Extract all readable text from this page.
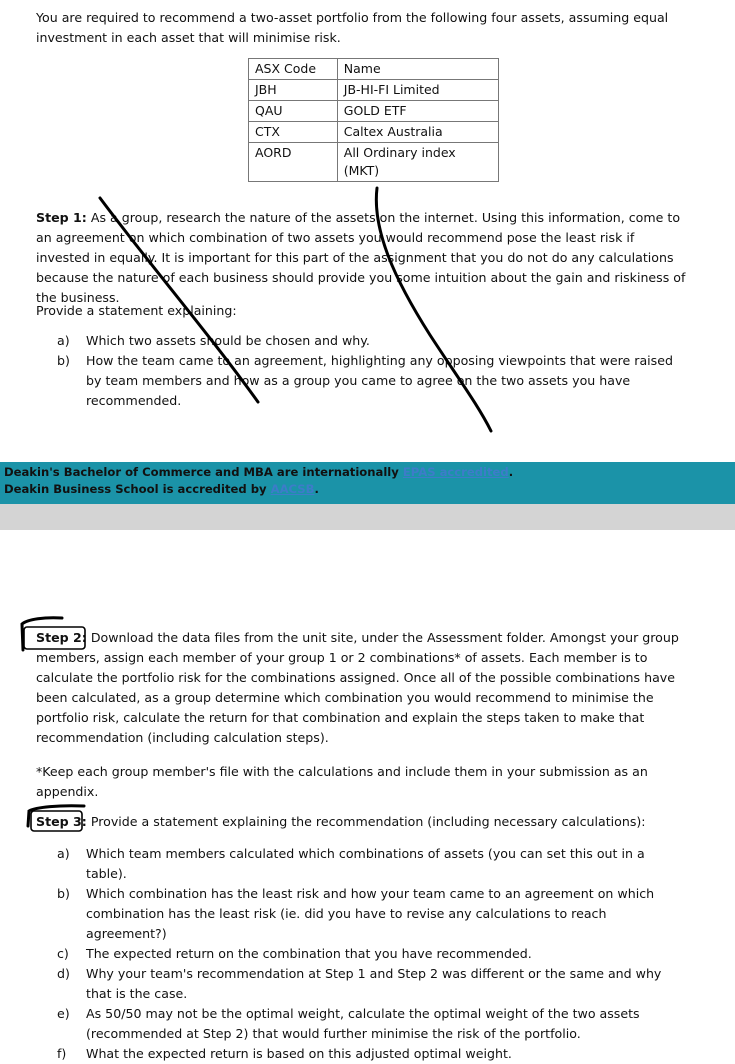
You are required to recommend a two-asset portfolio from the following four assets, assuming equal investment in each asset that will minimise risk.
ASX Code	Name
JBH	JB-HI-FI Limited
QAU	GOLD ETF
CTX	Caltex Australia
AORD	All Ordinary index (MKT)
Step 1: As a group, research the nature of the assets on the internet. Using this information, come to an agreement on which combination of two assets you would recommend pose the least risk if invested in equally. It is important for this part of the assignment that you do not do any calculations because the nature of each business should provide you some intuition about the gain and riskiness of the business.
Provide a statement explaining:
a) Which two assets should be chosen and why.
b) How the team came to an agreement, highlighting any opposing viewpoints that were raised by team members and how as a group you came to agree on the two assets you have recommended.
Deakin's Bachelor of Commerce and MBA are internationally EPAS accredited.
Deakin Business School is accredited by AACSB.
Step 2: Download the data files from the unit site, under the Assessment folder. Amongst your group members, assign each member of your group 1 or 2 combinations* of assets. Each member is to calculate the portfolio risk for the combinations assigned. Once all of the possible combinations have been calculated, as a group determine which combination you would recommend to minimise the portfolio risk, calculate the return for that combination and explain the steps taken to make that recommendation (including calculation steps).
*Keep each group member's file with the calculations and include them in your submission as an appendix.
Step 3: Provide a statement explaining the recommendation (including necessary calculations):
a) Which team members calculated which combinations of assets (you can set this out in a table).
b) Which combination has the least risk and how your team came to an agreement on which combination has the least risk (ie. did you have to revise any calculations to reach agreement?)
c) The expected return on the combination that you have recommended.
d) Why your team's recommendation at Step 1 and Step 2 was different or the same and why that is the case.
e) As 50/50 may not be the optimal weight, calculate the optimal weight of the two assets (recommended at Step 2) that would further minimise the risk of the portfolio.
f) What the expected return is based on this adjusted optimal weight.
